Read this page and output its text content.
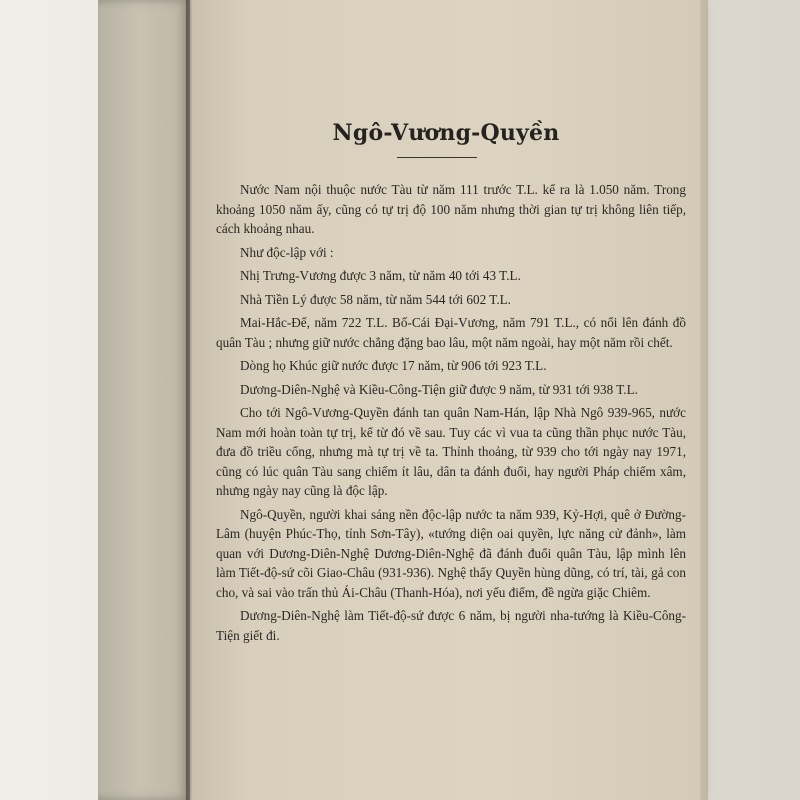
Ngô-Vương-Quyền

Nước Nam nội thuộc nước Tàu từ năm 111 trước T.L. kể ra là 1.050 năm. Trong khoảng 1050 năm ấy, cũng có tự trị độ 100 năm nhưng thời gian tự trị không liên tiếp, cách khoảng nhau.

Như độc-lập với :

Nhị Trưng-Vương được 3 năm, từ năm 40 tới 43 T.L.

Nhà Tiền Lý được 58 năm, từ năm 544 tới 602 T.L.

Mai-Hắc-Đế, năm 722 T.L. Bố-Cái Đại-Vương, năm 791 T.L., có nổi lên đánh đồ quân Tàu ; nhưng giữ nước chẳng đặng bao lâu, một năm ngoài, hay một năm rồi chết.

Dòng họ Khúc giữ nước được 17 năm, từ 906 tới 923 T.L.

Dương-Diên-Nghệ và Kiều-Công-Tiện giữ được 9 năm, từ 931 tới 938 T.L.

Cho tới Ngô-Vương-Quyền đánh tan quân Nam-Hán, lập Nhà Ngô 939-965, nước Nam mới hoàn toàn tự trị, kể từ đó về sau. Tuy các vì vua ta cũng thần phục nước Tàu, đưa đồ triều cống, nhưng mà tự trị về ta. Thỉnh thoảng, từ 939 cho tới ngày nay 1971, cũng có lúc quân Tàu sang chiếm ít lâu, dân ta đánh đuổi, hay người Pháp chiếm xâm, nhưng ngày nay cũng là độc lập.

Ngô-Quyền, người khai sáng nền độc-lập nước ta năm 939, Kỷ-Hợi, quê ở Đường-Lâm (huyện Phúc-Thọ, tỉnh Sơn-Tây), «tướng diện oai quyền, lực năng cử đảnh», làm quan với Dương-Diên-Nghệ Dương-Diên-Nghệ đã đánh đuổi quân Tàu, lập mình lên làm Tiết-độ-sứ cõi Giao-Châu (931-936). Nghệ thấy Quyền hùng dũng, có trí, tài, gả con cho, và sai vào trấn thủ Ái-Châu (Thanh-Hóa), nơi yếu điểm, đề ngừa giặc Chiêm.

Dương-Diên-Nghệ làm Tiết-độ-sứ được 6 năm, bị người nha-tướng là Kiều-Công-Tiện giết đi.
